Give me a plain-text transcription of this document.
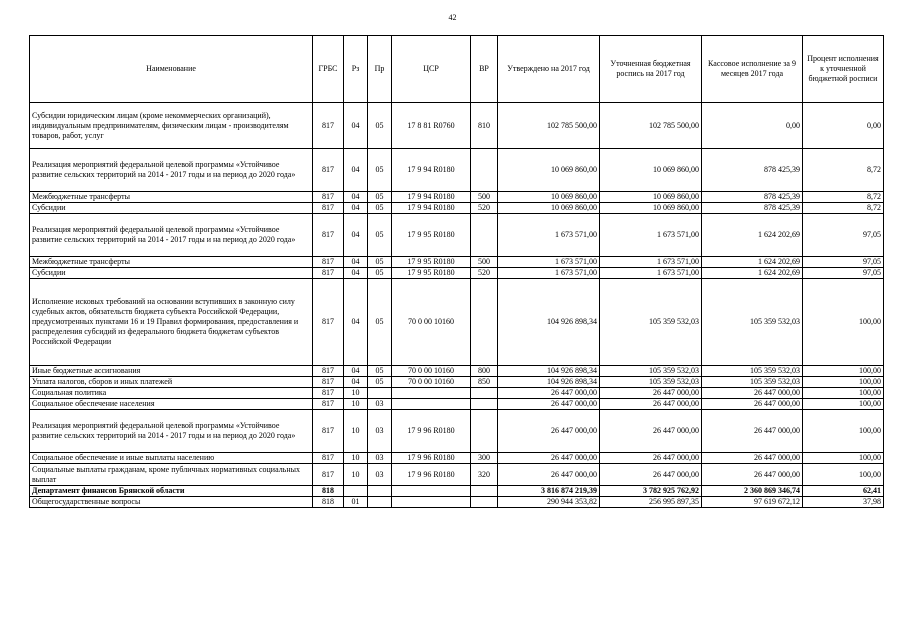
42
Наименование	ГРБС	Рз	Пр	ЦСР	ВР	Утверждено на 2017 год	Уточненная бюджетная роспись на 2017 год	Кассовое исполнение за 9 месяцев 2017 года	Процент исполнения к уточненной бюджетной росписи
Субсидии юридическим лицам (кроме некоммерческих организаций), индивидуальным предпринимателям, физическим лицам - производителям товаров, работ, услуг	817	04	05	17 8 81 R0760	810	102 785 500,00	102 785 500,00	0,00	0,00
Реализация мероприятий федеральной целевой программы «Устойчивое развитие сельских территорий на 2014 - 2017 годы и на период до 2020 года»	817	04	05	17 9 94 R0180		10 069 860,00	10 069 860,00	878 425,39	8,72
Межбюджетные трансферты	817	04	05	17 9 94 R0180	500	10 069 860,00	10 069 860,00	878 425,39	8,72
Субсидии	817	04	05	17 9 94 R0180	520	10 069 860,00	10 069 860,00	878 425,39	8,72
Реализация мероприятий федеральной целевой программы «Устойчивое развитие сельских территорий на 2014 - 2017 годы и на период до 2020 года»	817	04	05	17 9 95 R0180		1 673 571,00	1 673 571,00	1 624 202,69	97,05
Межбюджетные трансферты	817	04	05	17 9 95 R0180	500	1 673 571,00	1 673 571,00	1 624 202,69	97,05
Субсидии	817	04	05	17 9 95 R0180	520	1 673 571,00	1 673 571,00	1 624 202,69	97,05
Исполнение исковых требований на основании вступивших в законную силу судебных актов, обязательств бюджета субъекта Российской Федерации, предусмотренных пунктами 16 и 19 Правил формирования, предоставления и распределения субсидий из федерального бюджета бюджетам субъектов Российской Федерации	817	04	05	70 0 00 10160		104 926 898,34	105 359 532,03	105 359 532,03	100,00
Иные бюджетные ассигнования	817	04	05	70 0 00 10160	800	104 926 898,34	105 359 532,03	105 359 532,03	100,00
Уплата налогов, сборов и иных платежей	817	04	05	70 0 00 10160	850	104 926 898,34	105 359 532,03	105 359 532,03	100,00
Социальная политика	817	10				26 447 000,00	26 447 000,00	26 447 000,00	100,00
Социальное обеспечение населения	817	10	03			26 447 000,00	26 447 000,00	26 447 000,00	100,00
Реализация мероприятий федеральной целевой программы «Устойчивое развитие сельских территорий на 2014 - 2017 годы и на период до 2020 года»	817	10	03	17 9 96 R0180		26 447 000,00	26 447 000,00	26 447 000,00	100,00
Социальное обеспечение и иные выплаты населению	817	10	03	17 9 96 R0180	300	26 447 000,00	26 447 000,00	26 447 000,00	100,00
Социальные выплаты гражданам, кроме публичных нормативных социальных выплат	817	10	03	17 9 96 R0180	320	26 447 000,00	26 447 000,00	26 447 000,00	100,00
Департамент финансов Брянской области	818					3 816 874 219,39	3 782 925 762,92	2 360 869 346,74	62,41
Общегосударственные вопросы	818	01				290 944 353,82	256 995 897,35	97 619 672,12	37,98
